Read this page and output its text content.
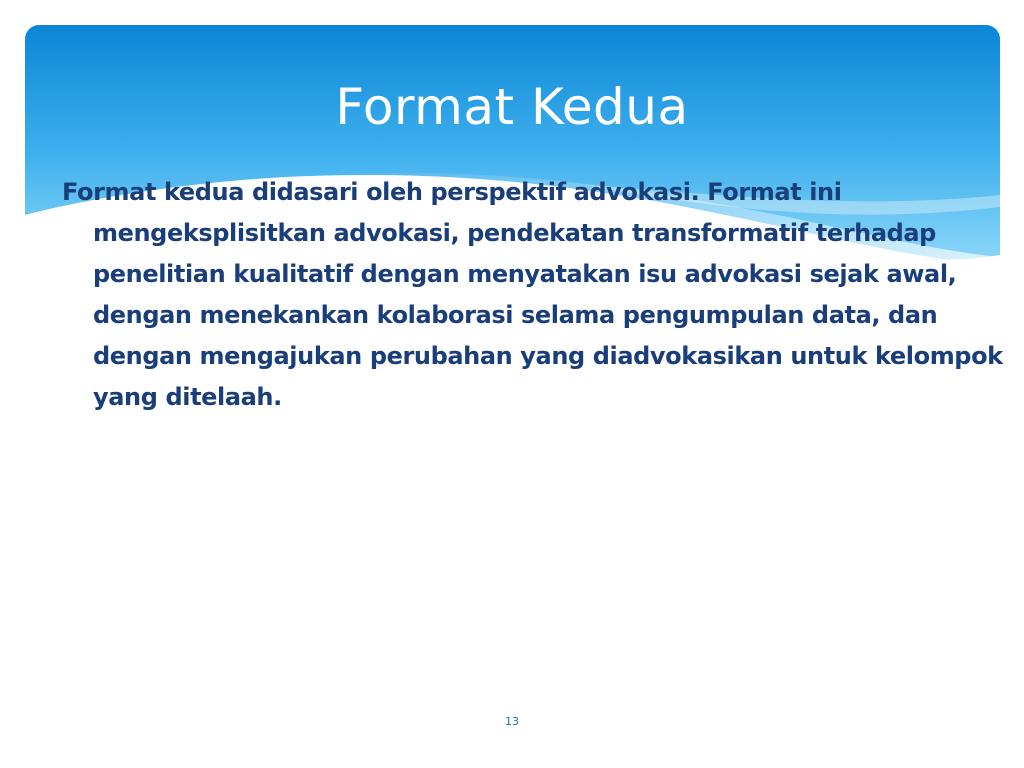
Format Kedua

Format kedua didasari oleh perspektif advokasi. Format ini mengeksplisitkan advokasi, pendekatan transformatif terhadap penelitian kualitatif dengan menyatakan isu advokasi sejak awal, dengan menekankan kolaborasi selama pengumpulan data, dan dengan mengajukan perubahan yang diadvokasikan untuk kelompok yang ditelaah.

13
